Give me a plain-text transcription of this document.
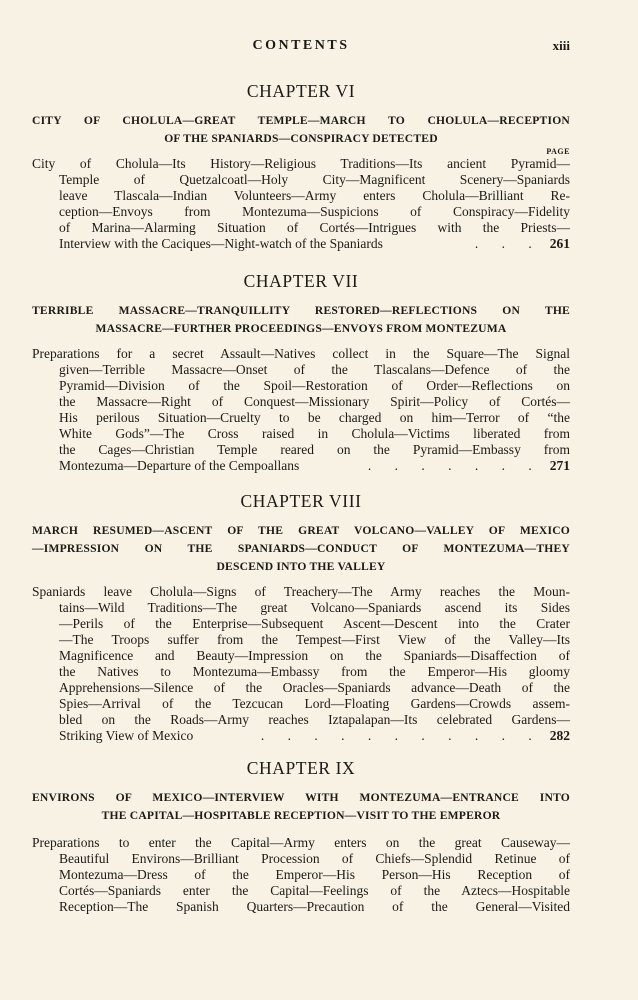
CONTENTS	xiii
CHAPTER VI
CITY OF CHOLULA—GREAT TEMPLE—MARCH TO CHOLULA—RECEPTION
OF THE SPANIARDS—CONSPIRACY DETECTED
PAGE
City of Cholula—Its History—Religious Traditions—Its ancient Pyramid—
Temple of Quetzalcoatl—Holy City—Magnificent Scenery—Spaniards
leave Tlascala—Indian Volunteers—Army enters Cholula—Brilliant Re-
ception—Envoys from Montezuma—Suspicions of Conspiracy—Fidelity
of Marina—Alarming Situation of Cortés—Intrigues with the Priests—
Interview with the Caciques—Night-watch of the Spaniards	. . . 261
CHAPTER VII
TERRIBLE MASSACRE—TRANQUILLITY RESTORED—REFLECTIONS ON THE
MASSACRE—FURTHER PROCEEDINGS—ENVOYS FROM MONTEZUMA
Preparations for a secret Assault—Natives collect in the Square—The Signal
given—Terrible Massacre—Onset of the Tlascalans—Defence of the
Pyramid—Division of the Spoil—Restoration of Order—Reflections on
the Massacre—Right of Conquest—Missionary Spirit—Policy of Cortés—
His perilous Situation—Cruelty to be charged on him—Terror of “the
White Gods”—The Cross raised in Cholula—Victims liberated from
the Cages—Christian Temple reared on the Pyramid—Embassy from
Montezuma—Departure of the Cempoallans	. . . . . . . 271
CHAPTER VIII
MARCH RESUMED—ASCENT OF THE GREAT VOLCANO—VALLEY OF MEXICO
—IMPRESSION ON THE SPANIARDS—CONDUCT OF MONTEZUMA—THEY
DESCEND INTO THE VALLEY
Spaniards leave Cholula—Signs of Treachery—The Army reaches the Moun-
tains—Wild Traditions—The great Volcano—Spaniards ascend its Sides
—Perils of the Enterprise—Subsequent Ascent—Descent into the Crater
—The Troops suffer from the Tempest—First View of the Valley—Its
Magnificence and Beauty—Impression on the Spaniards—Disaffection of
the Natives to Montezuma—Embassy from the Emperor—His gloomy
Apprehensions—Silence of the Oracles—Spaniards advance—Death of the
Spies—Arrival of the Tezcucan Lord—Floating Gardens—Crowds assem-
bled on the Roads—Army reaches Iztapalapan—Its celebrated Gardens—
Striking View of Mexico	. . . . . . . . . . . 282
CHAPTER IX
ENVIRONS OF MEXICO—INTERVIEW WITH MONTEZUMA—ENTRANCE INTO
THE CAPITAL—HOSPITABLE RECEPTION—VISIT TO THE EMPEROR
Preparations to enter the Capital—Army enters on the great Causeway—
Beautiful Environs—Brilliant Procession of Chiefs—Splendid Retinue of
Montezuma—Dress of the Emperor—His Person—His Reception of
Cortés—Spaniards enter the Capital—Feelings of the Aztecs—Hospitable
Reception—The Spanish Quarters—Precaution of the General—Visited
